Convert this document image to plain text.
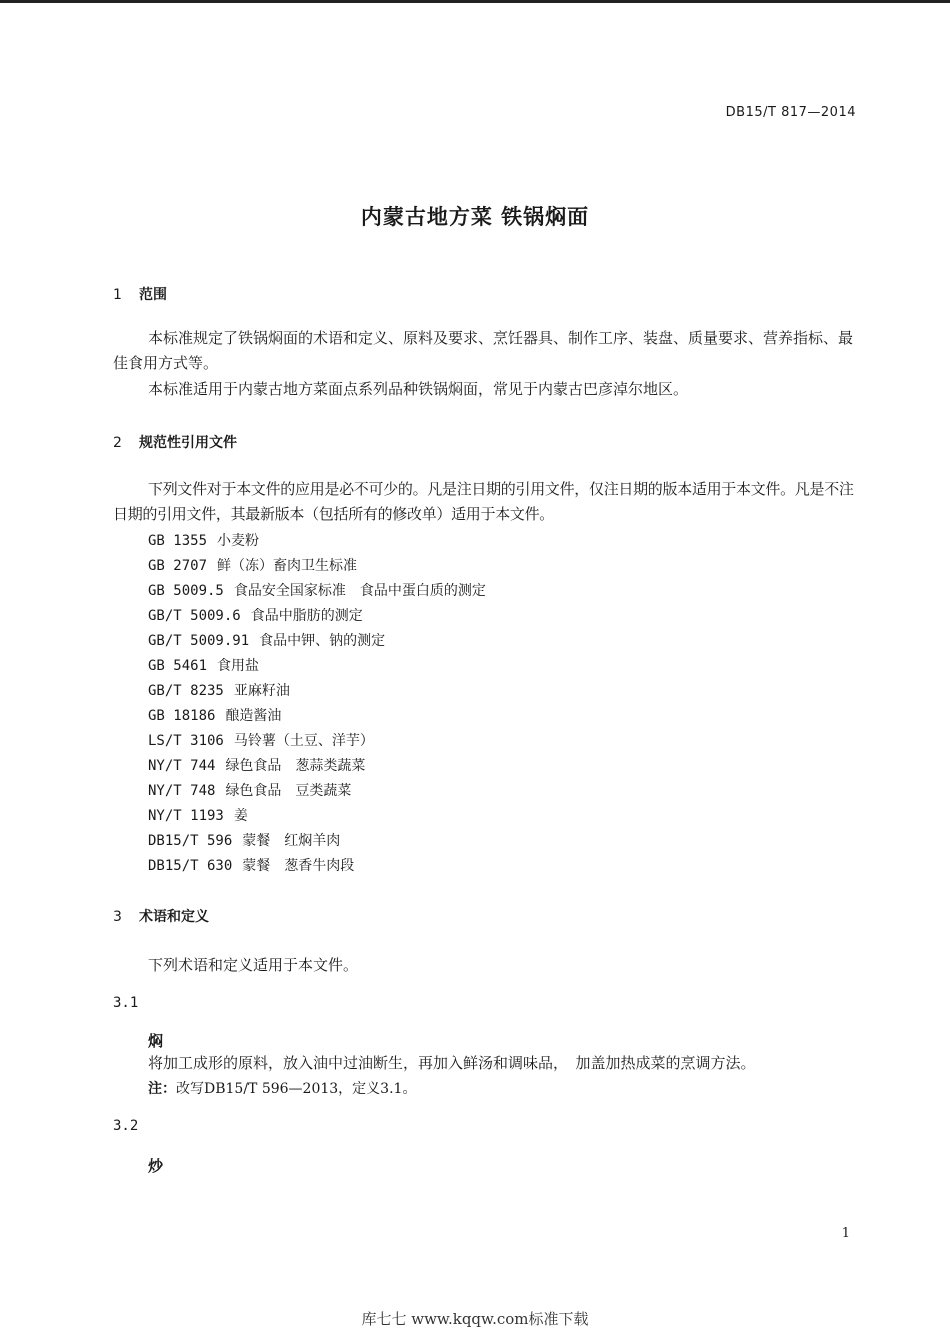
DB15/T 817—2014
内蒙古地方菜 铁锅焖面
1 范围
本标准规定了铁锅焖面的术语和定义、原料及要求、烹饪器具、制作工序、装盘、质量要求、营养指标、最佳食用方式等。
本标准适用于内蒙古地方菜面点系列品种铁锅焖面，常见于内蒙古巴彦淖尔地区。
2 规范性引用文件
下列文件对于本文件的应用是必不可少的。凡是注日期的引用文件，仅注日期的版本适用于本文件。凡是不注日期的引用文件，其最新版本（包括所有的修改单）适用于本文件。
GB 1355 小麦粉
GB 2707 鲜（冻）畜肉卫生标准
GB 5009.5 食品安全国家标准　食品中蛋白质的测定
GB/T 5009.6 食品中脂肪的测定
GB/T 5009.91 食品中钾、钠的测定
GB 5461 食用盐
GB/T 8235 亚麻籽油
GB 18186 酿造酱油
LS/T 3106 马铃薯（土豆、洋芋）
NY/T 744 绿色食品　葱蒜类蔬菜
NY/T 748 绿色食品　豆类蔬菜
NY/T 1193 姜
DB15/T 596 蒙餐　红焖羊肉
DB15/T 630 蒙餐　葱香牛肉段
3 术语和定义
下列术语和定义适用于本文件。
3.1
焖
将加工成形的原料，放入油中过油断生，再加入鲜汤和调味品，　加盖加热成菜的烹调方法。
注：改写DB15/T 596—2013，定义3.1。
3.2
炒
1
库七七 www.kqqw.com标准下载
